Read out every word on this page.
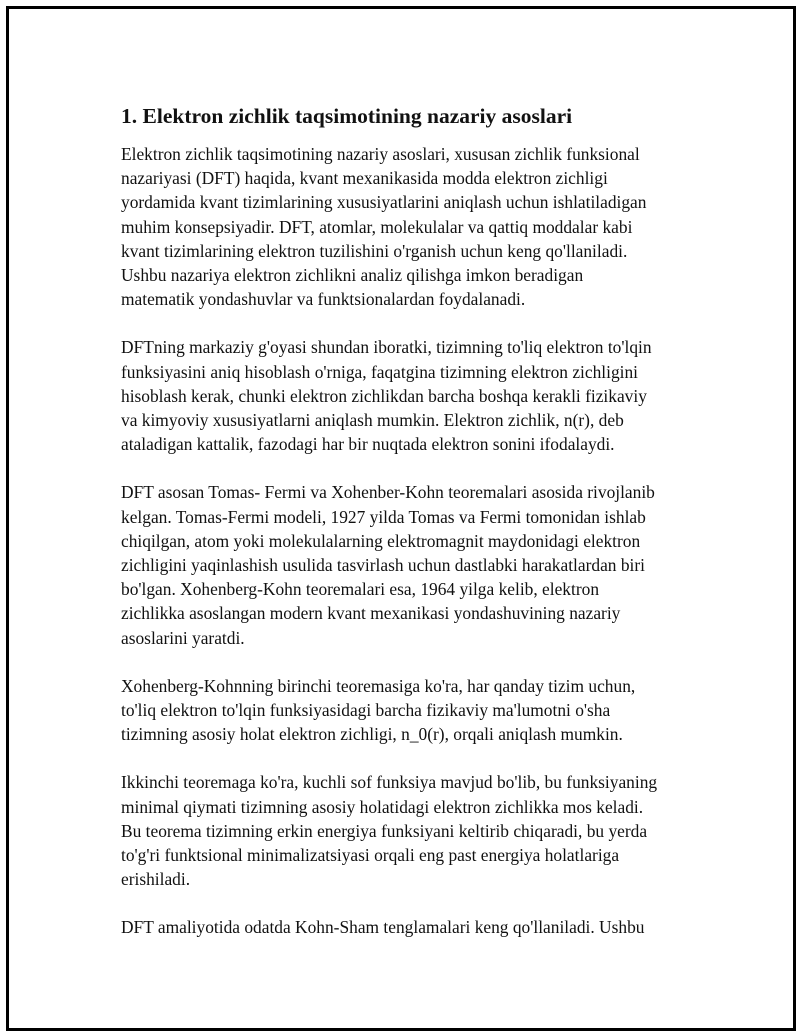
1. Elektron zichlik taqsimotining nazariy asoslari

Elektron zichlik taqsimotining nazariy asoslari, xususan zichlik funksional
nazariyasi (DFT) haqida, kvant mexanikasida modda elektron zichligi
yordamida kvant tizimlarining xususiyatlarini aniqlash uchun ishlatiladigan
muhim konsepsiyadir. DFT, atomlar, molekulalar va qattiq moddalar kabi
kvant tizimlarining elektron tuzilishini o'rganish uchun keng qo'llaniladi.
Ushbu nazariya elektron zichlikni analiz qilishga imkon beradigan
matematik yondashuvlar va funktsionalardan foydalanadi.

DFTning markaziy g'oyasi shundan iboratki, tizimning to'liq elektron to'lqin
funksiyasini aniq hisoblash o'rniga, faqatgina tizimning elektron zichligini
hisoblash kerak, chunki elektron zichlikdan barcha boshqa kerakli fizikaviy
va kimyoviy xususiyatlarni aniqlash mumkin. Elektron zichlik, n(r), deb
ataladigan kattalik, fazodagi har bir nuqtada elektron sonini ifodalaydi.

DFT asosan Tomas- Fermi va Xohenber-Kohn teoremalari asosida rivojlanib
kelgan. Tomas-Fermi modeli, 1927 yilda Tomas va Fermi tomonidan ishlab
chiqilgan, atom yoki molekulalarning elektromagnit maydonidagi elektron
zichligini yaqinlashish usulida tasvirlash uchun dastlabki harakatlardan biri
bo'lgan. Xohenberg-Kohn teoremalari esa, 1964 yilga kelib, elektron
zichlikka asoslangan modern kvant mexanikasi yondashuvining nazariy
asoslarini yaratdi.

Xohenberg-Kohnning birinchi teoremasiga ko'ra, har qanday tizim uchun,
to'liq elektron to'lqin funksiyasidagi barcha fizikaviy ma'lumotni o'sha
tizimning asosiy holat elektron zichligi, n_0(r), orqali aniqlash mumkin.

Ikkinchi teoremaga ko'ra, kuchli sof funksiya mavjud bo'lib, bu funksiyaning
minimal qiymati tizimning asosiy holatidagi elektron zichlikka mos keladi.
Bu teorema tizimning erkin energiya funksiyani keltirib chiqaradi, bu yerda
to'g'ri funktsional minimalizatsiyasi orqali eng past energiya holatlariga
erishiladi.

DFT amaliyotida odatda Kohn-Sham tenglamalari keng qo'llaniladi. Ushbu
